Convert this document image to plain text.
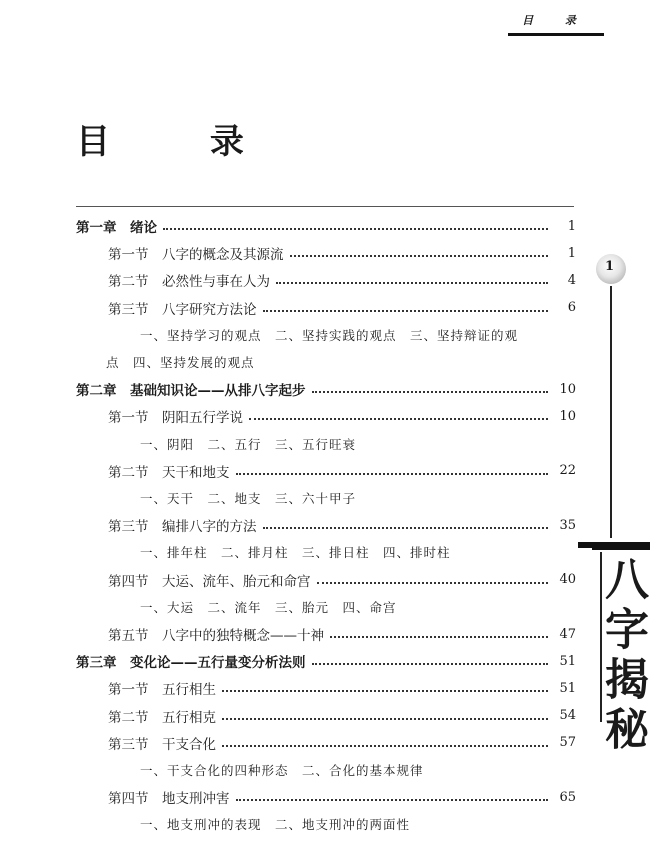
目 录
目 录
第一章　绪论	1
第一节　八字的概念及其源流	1
第二节　必然性与事在人为	4
第三节　八字研究方法论	6
一、坚持学习的观点　二、坚持实践的观点　三、坚持辩证的观
点　四、坚持发展的观点
第二章　基础知识论——从排八字起步	10
第一节　阴阳五行学说	10
一、阴阳　二、五行　三、五行旺衰
第二节　天干和地支	22
一、天干　二、地支　三、六十甲子
第三节　编排八字的方法	35
一、排年柱　二、排月柱　三、排日柱　四、排时柱
第四节　大运、流年、胎元和命宫	40
一、大运　二、流年　三、胎元　四、命宫
第五节　八字中的独特概念——十神	47
第三章　变化论——五行量变分析法则	51
第一节　五行相生	51
第二节　五行相克	54
第三节　干支合化	57
一、干支合化的四种形态　二、合化的基本规律
第四节　地支刑冲害	65
一、地支刑冲的表现　二、地支刑冲的两面性
1
八字揭秘
